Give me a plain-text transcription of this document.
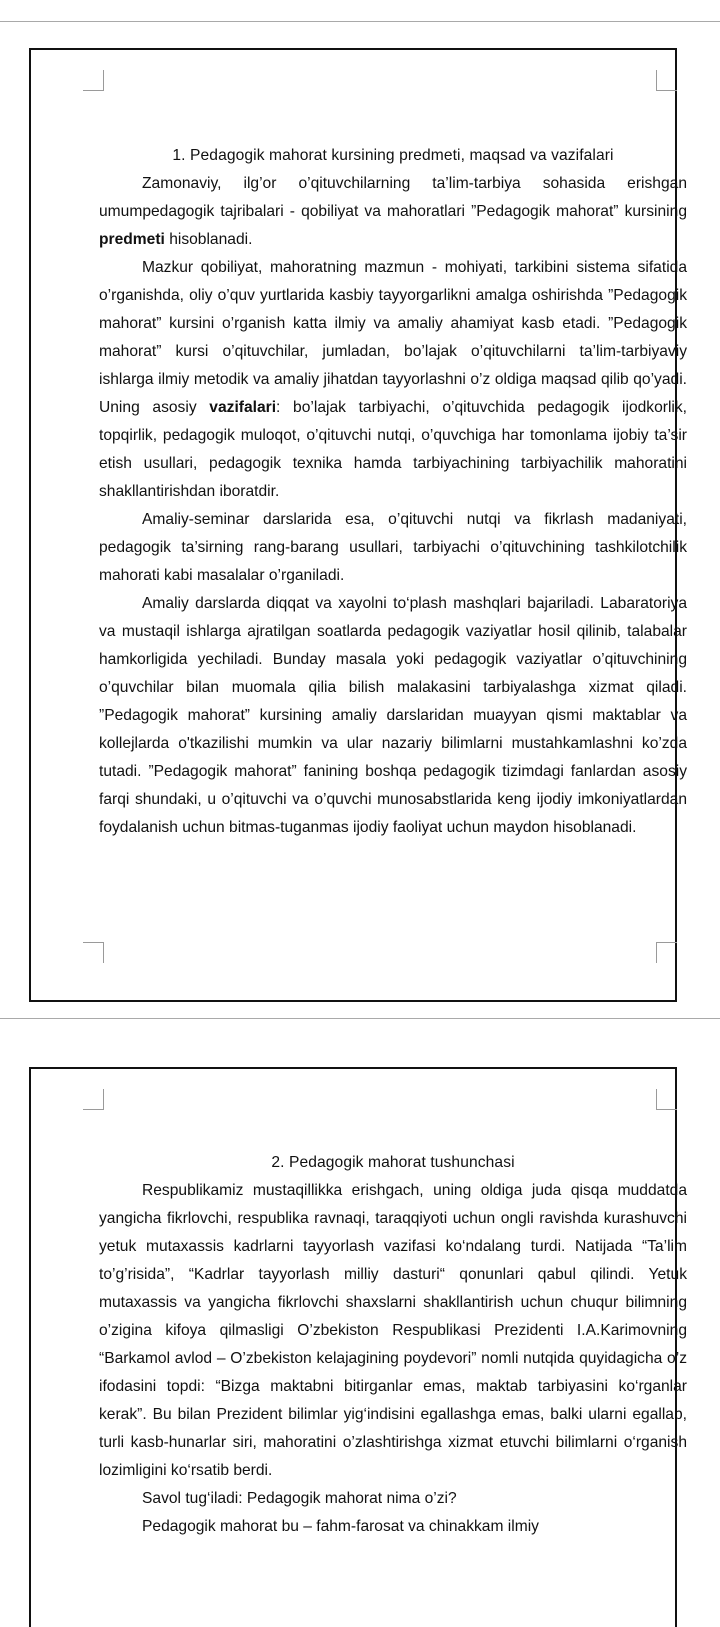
1. Pedagogik mahorat kursining predmeti, maqsad va vazifalari

Zamonaviy, ilg’or o’qituvchilarning ta’lim-tarbiya sohasida erishgan umumpedagogik tajribalari - qobiliyat va mahoratlari ”Pedagogik mahorat” kursining predmeti hisoblanadi.

Mazkur qobiliyat, mahoratning mazmun - mohiyati, tarkibini sistema sifatida o’rganishda, oliy o’quv yurtlarida kasbiy tayyorgarlikni amalga oshirishda ”Pedagogik mahorat” kursini o’rganish katta ilmiy va amaliy ahamiyat kasb etadi. ”Pedagogik mahorat” kursi o’qituvchilar, jumladan, bo’lajak o’qituvchilarni ta’lim-tarbiyaviy ishlarga ilmiy metodik va amaliy jihatdan tayyorlashni o’z oldiga maqsad qilib qo’yadi. Uning asosiy vazifalari: bo’lajak tarbiyachi, o’qituvchida pedagogik ijodkorlik, topqirlik, pedagogik muloqot, o’qituvchi nutqi, o’quvchiga har tomonlama ijobiy ta’sir etish usullari, pedagogik texnika hamda tarbiyachining tarbiyachilik mahoratini shakllantirishdan iboratdir.

Amaliy-seminar darslarida esa, o’qituvchi nutqi va fikrlash madaniyati, pedagogik ta’sirning rang-barang usullari, tarbiyachi o’qituvchining tashkilotchilik mahorati kabi masalalar o’rganiladi.

Amaliy darslarda diqqat va xayolni to‘plash mashqlari bajariladi. Labaratoriya va mustaqil ishlarga ajratilgan soatlarda pedagogik vaziyatlar hosil qilinib, talabalar hamkorligida yechiladi. Bunday masala yoki pedagogik vaziyatlar o’qituvchining o’quvchilar bilan muomala qilia bilish malakasini tarbiyalashga xizmat qiladi. ”Pedagogik mahorat” kursining amaliy darslaridan muayyan qismi maktablar va kollejlarda o'tkazilishi mumkin va ular nazariy bilimlarni mustahkamlashni ko’zda tutadi. ”Pedagogik mahorat” fanining boshqa pedagogik tizimdagi fanlardan asosiy farqi shundaki, u o’qituvchi va o’quvchi munosabstlarida keng ijodiy imkoniyatlardan foydalanish uchun bitmas-tuganmas ijodiy faoliyat uchun maydon hisoblanadi.

2. Pedagogik mahorat tushunchasi

Respublikamiz mustaqillikka erishgach, uning oldiga juda qisqa muddatda yangicha fikrlovchi, respublika ravnaqi, taraqqiyoti uchun ongli ravishda kurashuvchi yetuk mutaxassis kadrlarni tayyorlash vazifasi ko‘ndalang turdi. Natijada “Ta’lim to’g’risida”, “Kadrlar tayyorlash milliy dasturi“ qonunlari qabul qilindi. Yetuk mutaxassis va yangicha fikrlovchi shaxslarni shakllantirish uchun chuqur bilimning o’zigina kifoya qilmasligi O’zbekiston Respublikasi Prezidenti I.A.Karimovning “Barkamol avlod – O’zbekiston kelajagining poydevori” nomli nutqida quyidagicha o’z ifodasini topdi: “Bizga maktabni bitirganlar emas, maktab tarbiyasini ko‘rganlar kerak”. Bu bilan Prezident bilimlar yig‘indisini egallashga emas, balki ularni egallab, turli kasb-hunarlar siri, mahoratini o’zlashtirishga xizmat etuvchi bilimlarni o‘rganish lozimligini ko‘rsatib berdi.

Savol tug‘iladi: Pedagogik mahorat nima o’zi?

Pedagogik mahorat bu – fahm-farosat va chinakkam ilmiy
